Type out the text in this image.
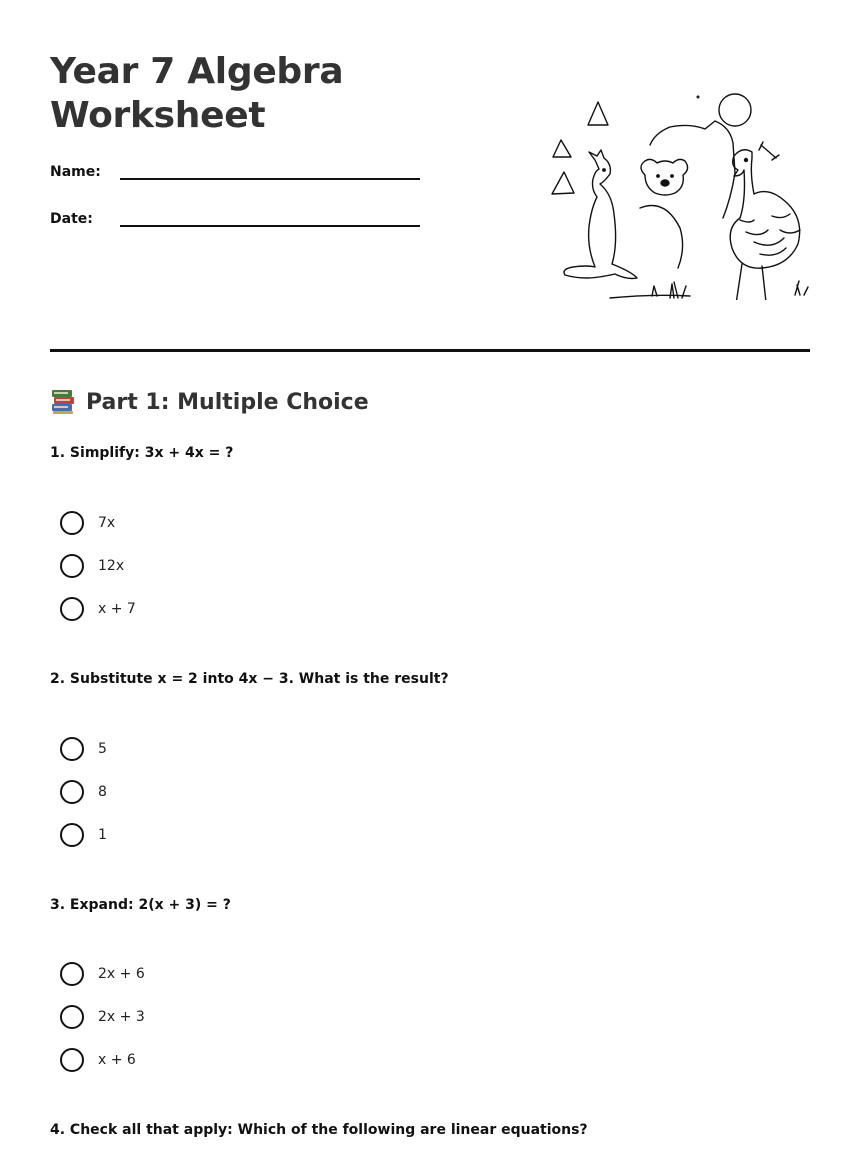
Year 7 Algebra
Worksheet
Name:
Date:
Part 1: Multiple Choice
1. Simplify: 3x + 4x = ?
7x
12x
x + 7
2. Substitute x = 2 into 4x − 3. What is the result?
5
8
1
3. Expand: 2(x + 3) = ?
2x + 6
2x + 3
x + 6
4. Check all that apply: Which of the following are linear equations?
